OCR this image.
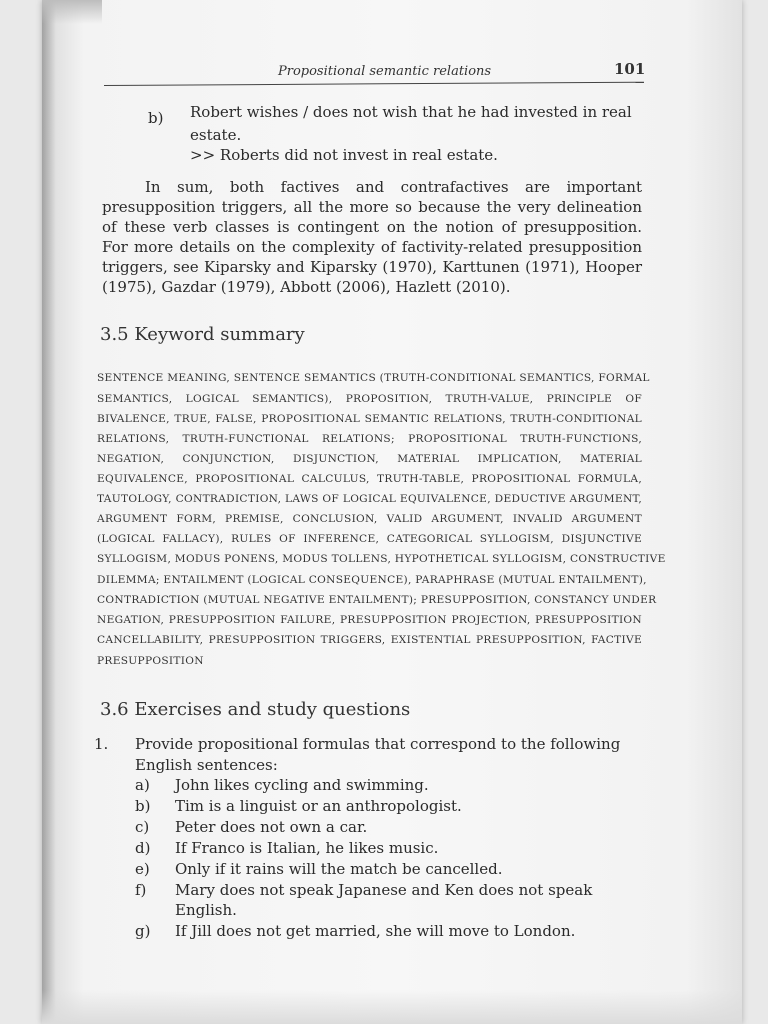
Propositional semantic relations	101
b) Robert wishes / does not wish that he had invested in real
estate.
>> Roberts did not invest in real estate.
In sum, both factives and contrafactives are important
presupposition triggers, all the more so because the very delineation
of these verb classes is contingent on the notion of presupposition.
For more details on the complexity of factivity-related presupposition
triggers, see Kiparsky and Kiparsky (1970), Karttunen (1971), Hooper
(1975), Gazdar (1979), Abbott (2006), Hazlett (2010).
3.5 Keyword summary
SENTENCE MEANING, SENTENCE SEMANTICS (TRUTH-CONDITIONAL SEMANTICS, FORMAL
SEMANTICS, LOGICAL SEMANTICS), PROPOSITION, TRUTH-VALUE, PRINCIPLE OF
BIVALENCE, TRUE, FALSE, PROPOSITIONAL SEMANTIC RELATIONS, TRUTH-CONDITIONAL
RELATIONS, TRUTH-FUNCTIONAL RELATIONS; PROPOSITIONAL TRUTH-FUNCTIONS,
NEGATION, CONJUNCTION, DISJUNCTION, MATERIAL IMPLICATION, MATERIAL
EQUIVALENCE, PROPOSITIONAL CALCULUS, TRUTH-TABLE, PROPOSITIONAL FORMULA,
TAUTOLOGY, CONTRADICTION, LAWS OF LOGICAL EQUIVALENCE, DEDUCTIVE ARGUMENT,
ARGUMENT FORM, PREMISE, CONCLUSION, VALID ARGUMENT, INVALID ARGUMENT
(LOGICAL FALLACY), RULES OF INFERENCE, CATEGORICAL SYLLOGISM, DISJUNCTIVE
SYLLOGISM, MODUS PONENS, MODUS TOLLENS, HYPOTHETICAL SYLLOGISM, CONSTRUCTIVE
DILEMMA; ENTAILMENT (LOGICAL CONSEQUENCE), PARAPHRASE (MUTUAL ENTAILMENT),
CONTRADICTION (MUTUAL NEGATIVE ENTAILMENT); PRESUPPOSITION, CONSTANCY UNDER
NEGATION, PRESUPPOSITION FAILURE, PRESUPPOSITION PROJECTION, PRESUPPOSITION
CANCELLABILITY, PRESUPPOSITION TRIGGERS, EXISTENTIAL PRESUPPOSITION, FACTIVE
PRESUPPOSITION
3.6 Exercises and study questions
1. Provide propositional formulas that correspond to the following
English sentences:
a) John likes cycling and swimming.
b) Tim is a linguist or an anthropologist.
c) Peter does not own a car.
d) If Franco is Italian, he likes music.
e) Only if it rains will the match be cancelled.
f) Mary does not speak Japanese and Ken does not speak
English.
g) If Jill does not get married, she will move to London.
